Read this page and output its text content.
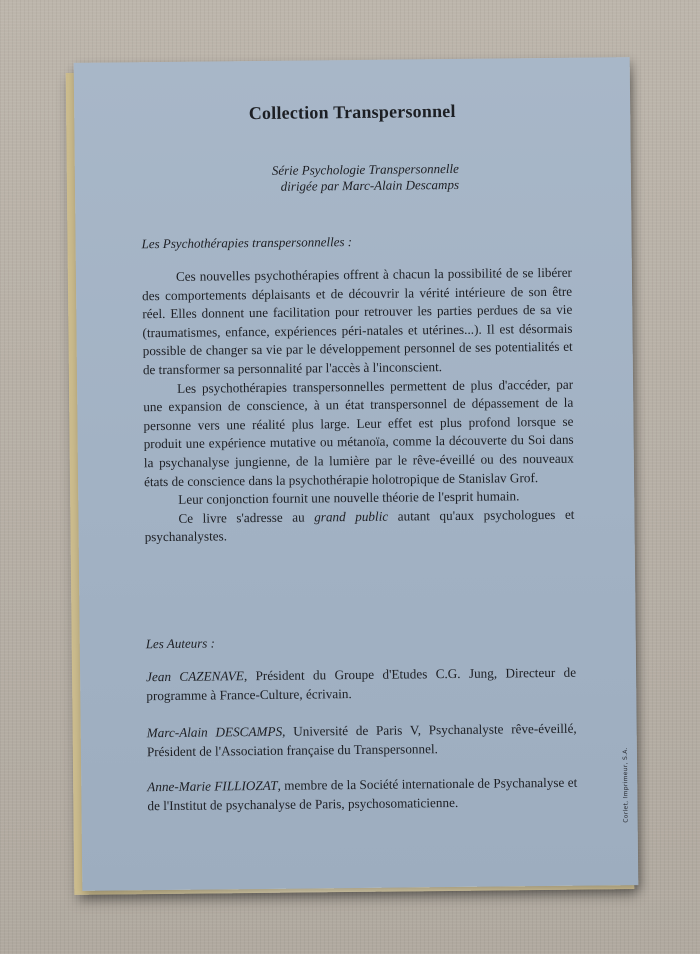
Collection Transpersonnel
Série Psychologie Transpersonnelle
dirigée par Marc-Alain Descamps
Les Psychothérapies transpersonnelles :

Ces nouvelles psychothérapies offrent à chacun la possibilité de se libérer des comportements déplaisants et de découvrir la vérité intérieure de son être réel. Elles donnent une facilitation pour retrouver les parties perdues de sa vie (traumatismes, enfance, expériences péri-natales et utérines...). Il est désormais possible de changer sa vie par le développement personnel de ses potentialités et de transformer sa personnalité par l'accès à l'inconscient.

Les psychothérapies transpersonnelles permettent de plus d'accéder, par une expansion de conscience, à un état transpersonnel de dépassement de la personne vers une réalité plus large. Leur effet est plus profond lorsque se produit une expérience mutative ou métanoïa, comme la découverte du Soi dans la psychanalyse jungienne, de la lumière par le rêve-éveillé ou des nouveaux états de conscience dans la psychothérapie holotropique de Stanislav Grof.

Leur conjonction fournit une nouvelle théorie de l'esprit humain.

Ce livre s'adresse au grand public autant qu'aux psychologues et psychanalystes.

Les Auteurs :
Jean CAZENAVE, Président du Groupe d'Etudes C.G. Jung, Directeur de programme à France-Culture, écrivain.
Marc-Alain DESCAMPS, Université de Paris V, Psychanalyste rêve-éveillé, Président de l'Association française du Transpersonnel.
Anne-Marie FILLIOZAT, membre de la Société internationale de Psychanalyse et de l'Institut de psychanalyse de Paris, psychosomaticienne.	Corlet, Imprimeur, S.A.
